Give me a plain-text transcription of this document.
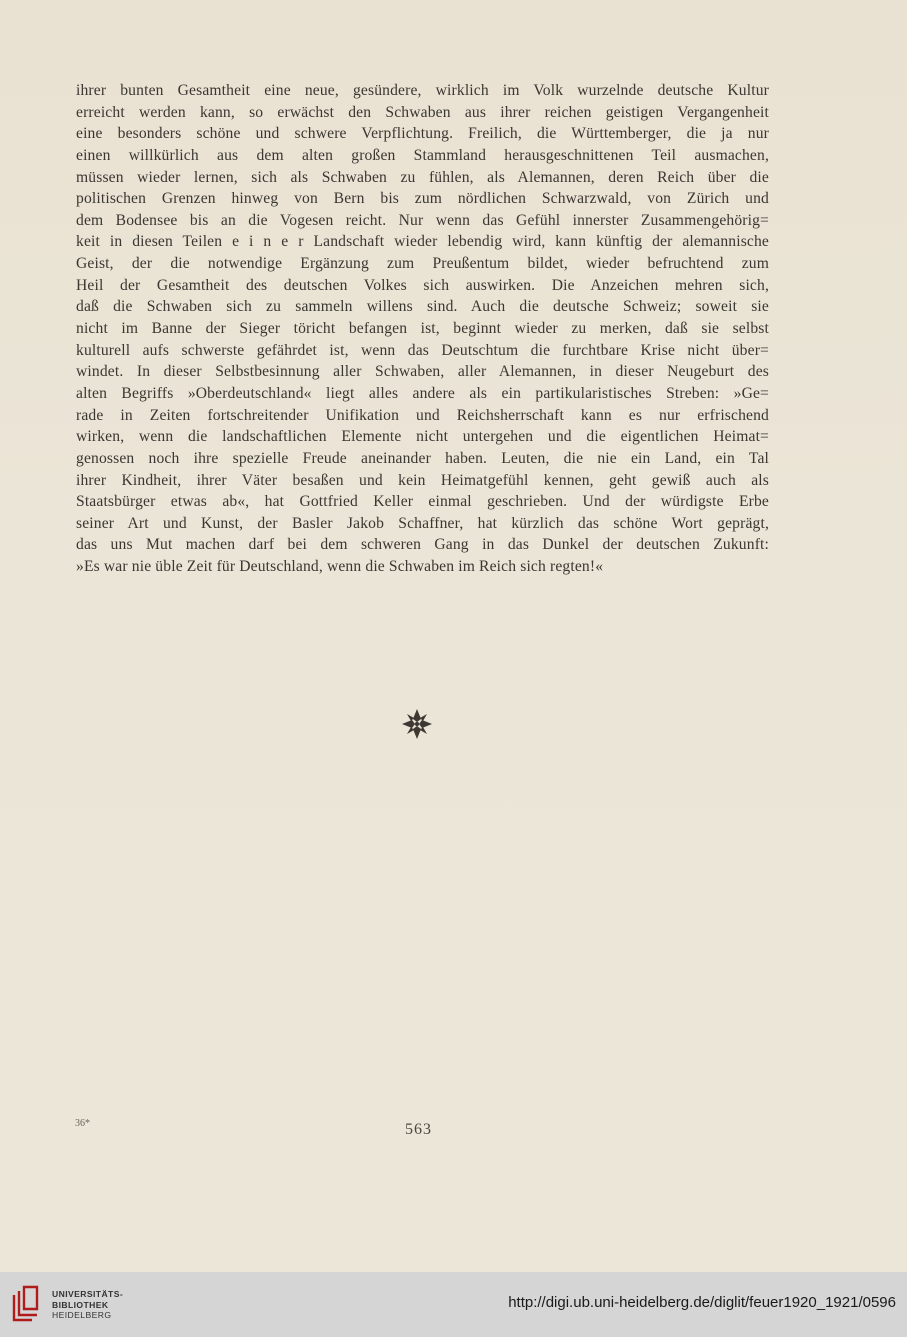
ihrer bunten Gesamtheit eine neue, gesündere, wirklich im Volk wurzelnde deutsche Kultur

erreicht werden kann, so erwächst den Schwaben aus ihrer reichen geistigen Vergangenheit

eine besonders schöne und schwere Verpflichtung. Freilich, die Württemberger, die ja nur

einen willkürlich aus dem alten großen Stammland herausgeschnittenen Teil ausmachen,

müssen wieder lernen, sich als Schwaben zu fühlen, als Alemannen, deren Reich über die

politischen Grenzen hinweg von Bern bis zum nördlichen Schwarzwald, von Zürich und

dem Bodensee bis an die Vogesen reicht. Nur wenn das Gefühl innerster Zusammengehörig=

keit in diesen Teilen e i n e r Landschaft wieder lebendig wird, kann künftig der alemannische

Geist, der die notwendige Ergänzung zum Preußentum bildet, wieder befruchtend zum

Heil der Gesamtheit des deutschen Volkes sich auswirken. Die Anzeichen mehren sich,

daß die Schwaben sich zu sammeln willens sind. Auch die deutsche Schweiz; soweit sie

nicht im Banne der Sieger töricht befangen ist, beginnt wieder zu merken, daß sie selbst

kulturell aufs schwerste gefährdet ist, wenn das Deutschtum die furchtbare Krise nicht über=

windet. In dieser Selbstbesinnung aller Schwaben, aller Alemannen, in dieser Neugeburt des

alten Begriffs »Oberdeutschland« liegt alles andere als ein partikularistisches Streben: »Ge=

rade in Zeiten fortschreitender Unifikation und Reichsherrschaft kann es nur erfrischend

wirken, wenn die landschaftlichen Elemente nicht untergehen und die eigentlichen Heimat=

genossen noch ihre spezielle Freude aneinander haben. Leuten, die nie ein Land, ein Tal

ihrer Kindheit, ihrer Väter besaßen und kein Heimatgefühl kennen, geht gewiß auch als

Staatsbürger etwas ab«, hat Gottfried Keller einmal geschrieben. Und der würdigste Erbe

seiner Art und Kunst, der Basler Jakob Schaffner, hat kürzlich das schöne Wort geprägt,

das uns Mut machen darf bei dem schweren Gang in das Dunkel der deutschen Zukunft:

»Es war nie üble Zeit für Deutschland, wenn die Schwaben im Reich sich regten!«

36*	563
UNIVERSITÄTS-
BIBLIOTHEK
HEIDELBERG
http://digi.ub.uni-heidelberg.de/diglit/feuer1920_1921/0596
